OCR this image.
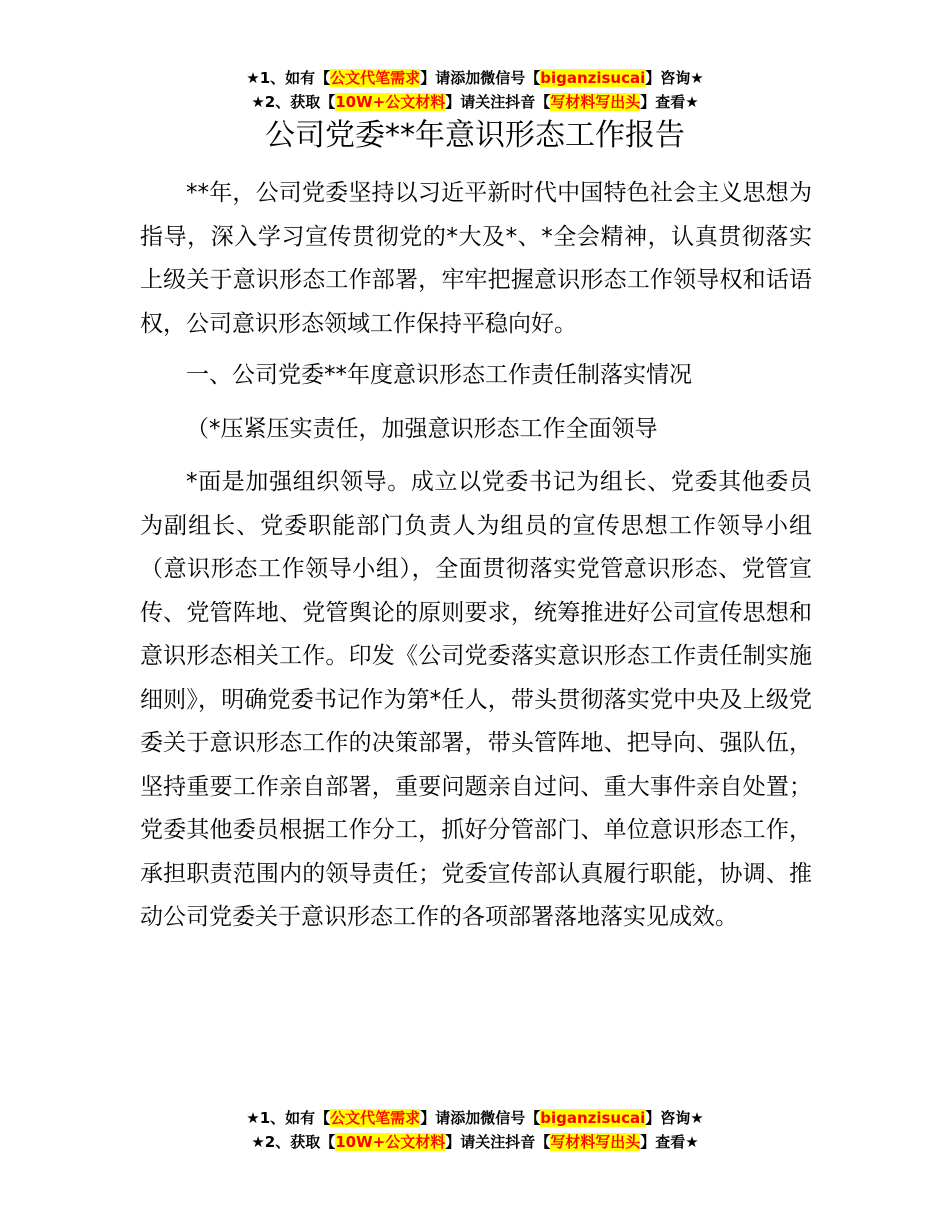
★1、如有【公文代笔需求】请添加微信号【biganzisucai】咨询★
★2、获取【10W+公文材料】请关注抖音【写材料写出头】查看★
公司党委**年意识形态工作报告

**年，公司党委坚持以习近平新时代中国特色社会主义思想为指导，深入学习宣传贯彻党的*大及*、*全会精神，认真贯彻落实上级关于意识形态工作部署，牢牢把握意识形态工作领导权和话语权，公司意识形态领域工作保持平稳向好。

一、公司党委**年度意识形态工作责任制落实情况

（*压紧压实责任，加强意识形态工作全面领导

*面是加强组织领导。成立以党委书记为组长、党委其他委员为副组长、党委职能部门负责人为组员的宣传思想工作领导小组（意识形态工作领导小组），全面贯彻落实党管意识形态、党管宣传、党管阵地、党管舆论的原则要求，统筹推进好公司宣传思想和意识形态相关工作。印发《公司党委落实意识形态工作责任制实施细则》，明确党委书记作为第*任人，带头贯彻落实党中央及上级党委关于意识形态工作的决策部署，带头管阵地、把导向、强队伍，坚持重要工作亲自部署，重要问题亲自过问、重大事件亲自处置；党委其他委员根据工作分工，抓好分管部门、单位意识形态工作，承担职责范围内的领导责任；党委宣传部认真履行职能，协调、推动公司党委关于意识形态工作的各项部署落地落实见成效。

★1、如有【公文代笔需求】请添加微信号【biganzisucai】咨询★
★2、获取【10W+公文材料】请关注抖音【写材料写出头】查看★
